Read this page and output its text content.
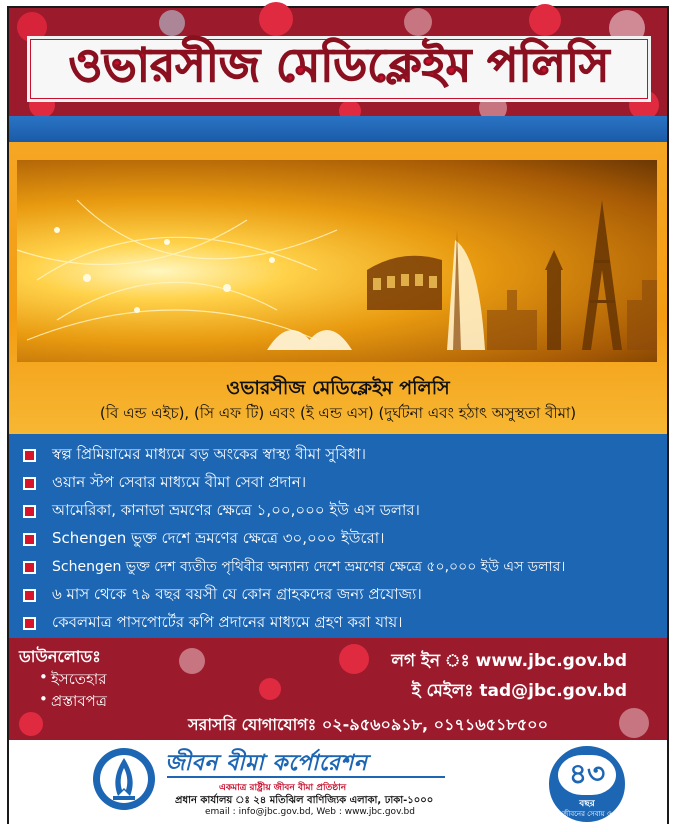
ওভারসীজ মেডিক্লেইম পলিসি
ওভারসীজ মেডিক্লেইম পলিসি
(বি এন্ড এইচ), (সি এফ টি) এবং (ই এন্ড এস) (দুর্ঘটনা এবং হঠাৎ অসুস্থতা বীমা)
স্বল্প প্রিমিয়ামের মাধ্যমে বড় অংকের স্বাস্থ্য বীমা সুবিধা।
ওয়ান স্টপ সেবার মাধ্যমে বীমা সেবা প্রদান।
আমেরিকা, কানাডা ভ্রমণের ক্ষেত্রে ১,০০,০০০ ইউ এস ডলার।
Schengen ভুক্ত দেশে ভ্রমণের ক্ষেত্রে ৩০,০০০ ইউরো।
Schengen ভুক্ত দেশ ব্যতীত পৃথিবীর অন্যান্য দেশে ভ্রমণের ক্ষেত্রে ৫০,০০০ ইউ এস ডলার।
৬ মাস থেকে ৭৯ বছর বয়সী যে কোন গ্রাহকদের জন্য প্রযোজ্য।
কেবলমাত্র পাসপোর্টের কপি প্রদানের মাধ্যমে গ্রহণ করা যায়।
ডাউনলোডঃ
• ইসতেহার
• প্রস্তাবপত্র
লগ ইন ঃ www.jbc.gov.bd
ই মেইলঃ tad@jbc.gov.bd
সরাসরি যোগাযোগঃ ০২-৯৫৬০৯১৮, ০১৭১৬৫১৮৫০০
জীবন বীমা কর্পোরেশন
একমাত্র রাষ্ট্রীয় জীবন বীমা প্রতিষ্ঠান
প্রধান কার্যালয় ঃ ২৪ মতিঝিল বাণিজ্যিক এলাকা, ঢাকা-১০০০
email : info@jbc.gov.bd, Web : www.jbc.gov.bd
৪৩
বছর
জীবনের সেবায় ও আস্থায়
